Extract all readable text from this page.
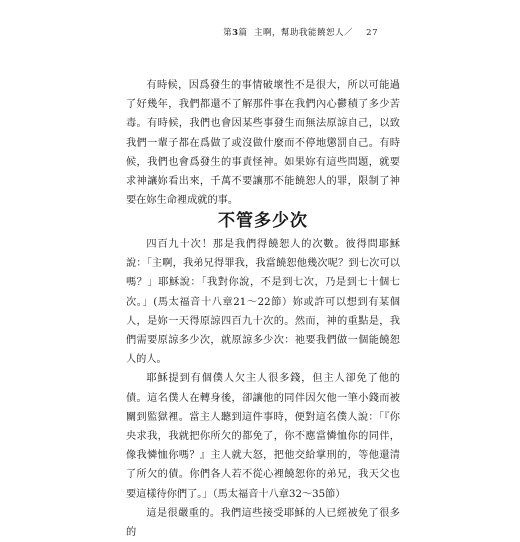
第3篇 主啊，幫助我能饒恕人／ 27

有時候，因爲發生的事情破壞性不是很大，所以可能過了好幾年，我們都還不了解那件事在我們內心鬱積了多少苦毒。有時候，我們也會因某些事發生而無法原諒自己，以致我們一輩子都在爲做了或沒做什麼而不停地懲罰自己。有時候，我們也會爲發生的事責怪神。如果妳有這些問題，就要求神讓妳看出來，千萬不要讓那不能饒恕人的罪，限制了神要在妳生命裡成就的事。

不管多少次

四百九十次！那是我們得饒恕人的次數。彼得問耶穌說：「主啊，我弟兄得罪我，我當饒恕他幾次呢？到七次可以嗎？」耶穌說：「我對你說，不是到七次，乃是到七十個七次。」(馬太福音十八章21～22節）妳或許可以想到有某個人，是妳一天得原諒四百九十次的。然而，神的重點是，我們需要原諒多少次，就原諒多少次：祂要我們做一個能饒恕人的人。

耶穌提到有個僕人欠主人很多錢，但主人卻免了他的債。這名僕人在轉身後，卻讓他的同伴因欠他一筆小錢而被關到監獄裡。當主人聽到這件事時，便對這名僕人說：「『你央求我，我就把你所欠的都免了，你不應當憐恤你的同伴，像我憐恤你嗎？』主人就大怒，把他交給掌刑的，等他還清了所欠的債。你們各人若不從心裡饒恕你的弟兄，我天父也要這樣待你們了。」（馬太福音十八章32～35節）

這是很嚴重的。我們這些接受耶穌的人已經被免了很多的
